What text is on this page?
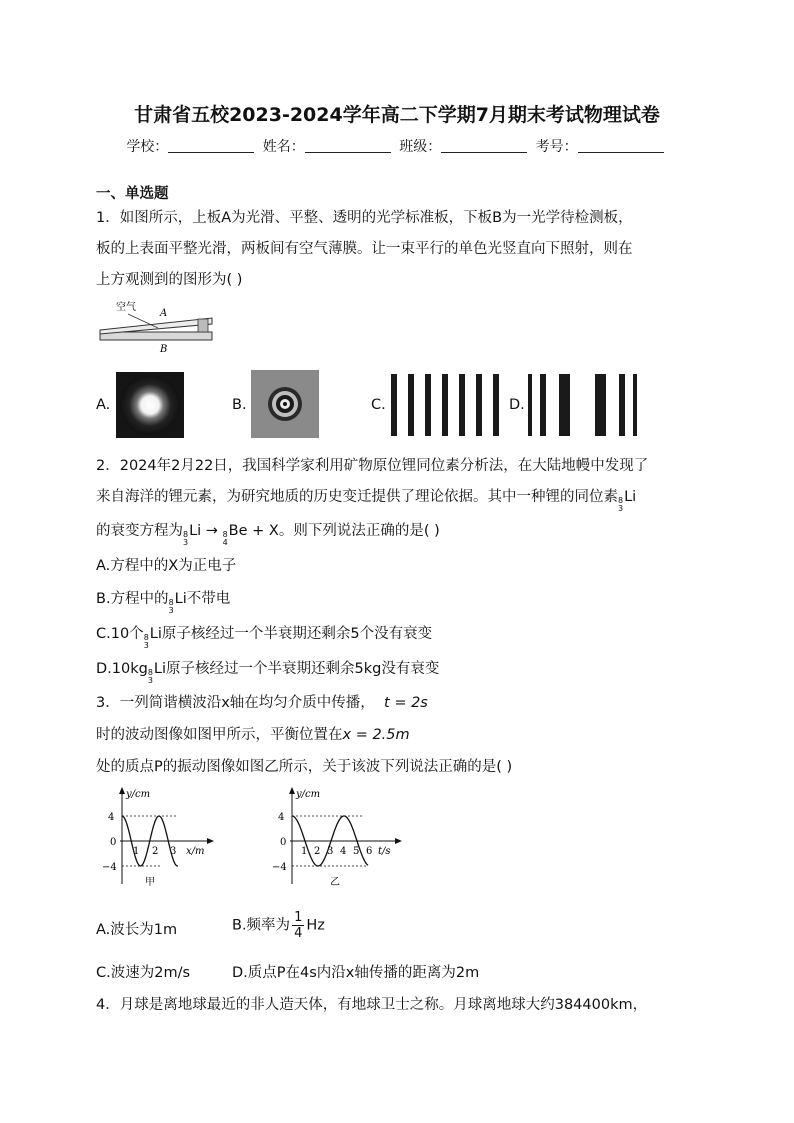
甘肃省五校2023-2024学年高二下学期7月期末考试物理试卷
学校：	姓名：	班级：	考号：
一、单选题
1．如图所示，上板A为光滑、平整、透明的光学标准板，下板B为一光学待检测板，
板的上表面平整光滑，两板间有空气薄膜。让一束平行的单色光竖直向下照射，则在
上方观测到的图形为( )
空气
A
B
A.	B.	C.	D.
2．2024年2月22日，我国科学家利用矿物原位锂同位素分析法，在大陆地幔中发现了
来自海洋的锂元素，为研究地质的历史变迁提供了理论依据。其中一种锂的同位素 8
3
Li
的衰变方程为 8
3
Li → 8
4
Be + X。则下列说法正确的是( )
A.方程中的X为正电子
B.方程中的 8
3
Li不带电
C.10个 8
3
Li原子核经过一个半衰期还剩余5个没有衰变
D.10kg 8
3
Li原子核经过一个半衰期还剩余5kg没有衰变
3．一列简谐横波沿x轴在均匀介质中传播， t = 2s
时的波动图像如图甲所示，平衡位置在x = 2.5m
处的质点P的振动图像如图乙所示，关于该波下列说法正确的是( )
y/cm
4
0
−4
1 2 3 x/m
甲
y/cm
4
0
−4
1 2 3 4 5 6 t/s
乙
A.波长为1m	B.频率为 $\frac{1}{4}$ Hz
C.波速为2m/s	D.质点P在4s内沿x轴传播的距离为2m
4．月球是离地球最近的非人造天体，有地球卫士之称。月球离地球大约384400km，
